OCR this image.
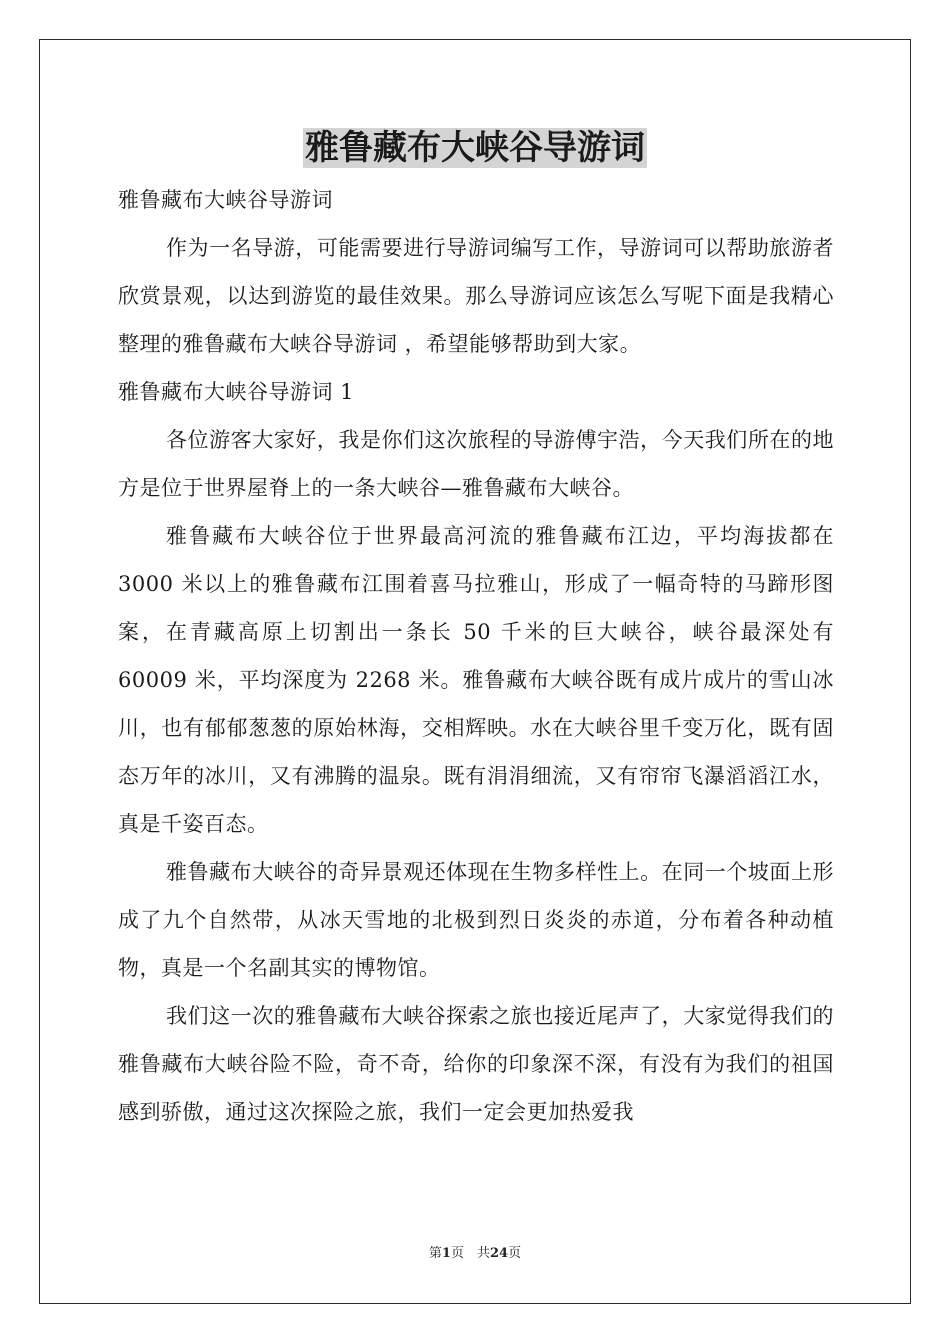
雅鲁藏布大峡谷导游词

雅鲁藏布大峡谷导游词

作为一名导游，可能需要进行导游词编写工作，导游词可以帮助旅游者欣赏景观，以达到游览的最佳效果。那么导游词应该怎么写呢下面是我精心整理的雅鲁藏布大峡谷导游词 ，希望能够帮助到大家。

雅鲁藏布大峡谷导游词 1

各位游客大家好，我是你们这次旅程的导游傅宇浩，今天我们所在的地方是位于世界屋脊上的一条大峡谷—雅鲁藏布大峡谷。

雅鲁藏布大峡谷位于世界最高河流的雅鲁藏布江边，平均海拔都在 3000 米以上的雅鲁藏布江围着喜马拉雅山，形成了一幅奇特的马蹄形图案，在青藏高原上切割出一条长 50 千米的巨大峡谷，峡谷最深处有 60009 米，平均深度为 2268 米。雅鲁藏布大峡谷既有成片成片的雪山冰川，也有郁郁葱葱的原始林海，交相辉映。水在大峡谷里千变万化，既有固态万年的冰川，又有沸腾的温泉。既有涓涓细流，又有帘帘飞瀑滔滔江水，真是千姿百态。

雅鲁藏布大峡谷的奇异景观还体现在生物多样性上。在同一个坡面上形成了九个自然带，从冰天雪地的北极到烈日炎炎的赤道，分布着各种动植物，真是一个名副其实的博物馆。

我们这一次的雅鲁藏布大峡谷探索之旅也接近尾声了，大家觉得我们的雅鲁藏布大峡谷险不险，奇不奇，给你的印象深不深，有没有为我们的祖国感到骄傲，通过这次探险之旅，我们一定会更加热爱我

第1页　共24页
